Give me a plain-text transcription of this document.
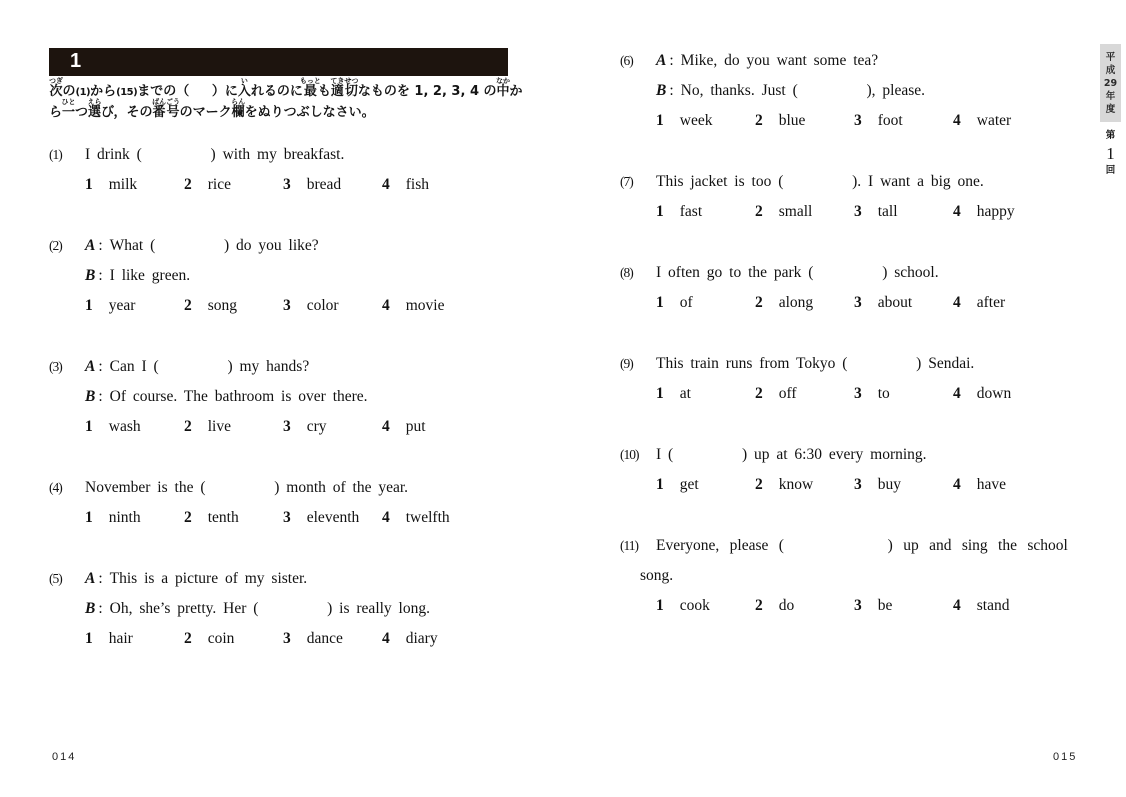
1
次つぎの(1)から(15)までの（     ）に入いれるのに最もっとも適切てきせつなものを 1, 2, 3, 4 の中なかか
ら一ひとつ選えらび，その番号ばんごうのマーク欄らんをぬりつぶしなさい。
(1)	I drink (          ) with my breakfast.
1 milk	2 rice	3 bread	4 fish
(2)	A : What (          ) do you like?
B : I like green.
1 year	2 song	3 color	4 movie
(3)	A : Can I (          ) my hands?
B : Of course. The bathroom is over there.
1 wash	2 live	3 cry	4 put
(4)	November is the (          ) month of the year.
1 ninth	2 tenth	3 eleventh	4 twelfth
(5)	A : This is a picture of my sister.
B : Oh, she’s pretty. Her (          ) is really long.
1 hair	2 coin	3 dance	4 diary
(6)	A : Mike, do you want some tea?
B : No, thanks. Just (          ), please.
1 week	2 blue	3 foot	4 water
(7)	This jacket is too (          ). I want a big one.
1 fast	2 small	3 tall	4 happy
(8)	I often go to the park (          ) school.
1 of	2 along	3 about	4 after
(9)	This train runs from Tokyo (          ) Sendai.
1 at	2 off	3 to	4 down
(10)	I (          ) up at 6:30 every morning.
1 get	2 know	3 buy	4 have
(11)	Everyone, please (          ) up and sing the school
song.
1 cook	2 do	3 be	4 stand
平
成
29
年
度
第
1
回
014	015
